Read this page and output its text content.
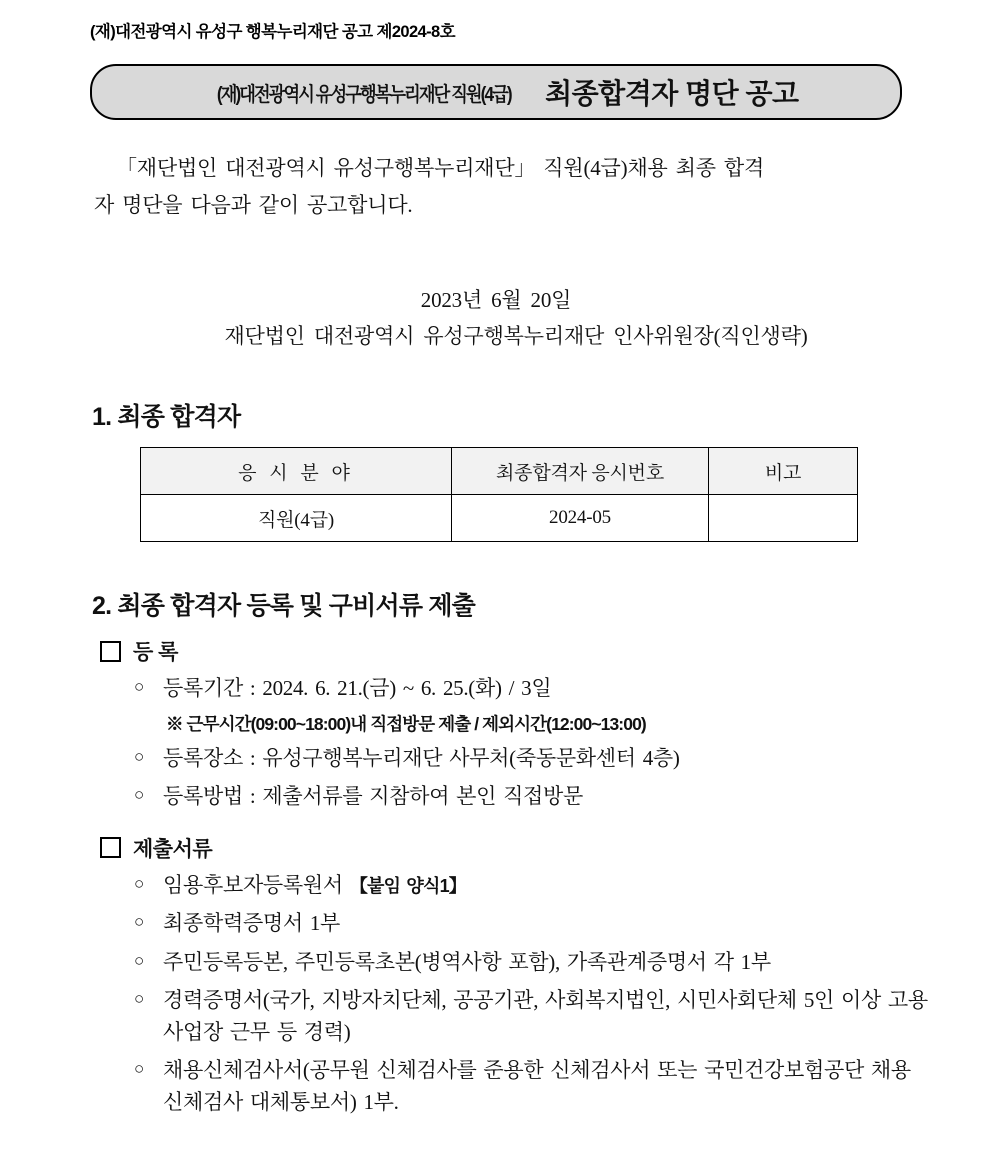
(재)대전광역시 유성구 행복누리재단 공고 제2024-8호
(재)대전광역시 유성구행복누리재단 직원(4급) 최종합격자 명단 공고
「재단법인 대전광역시 유성구행복누리재단」 직원(4급)채용 최종 합격
자 명단을 다음과 같이 공고합니다.
2023년 6월 20일
재단법인 대전광역시 유성구행복누리재단 인사위원장(직인생략)
1. 최종 합격자
응 시 분 야	최종합격자 응시번호	비고
직원(4급)	2024-05	
2. 최종 합격자 등록 및 구비서류 제출
등 록
○ 등록기간 : 2024. 6. 21.(금) ~ 6. 25.(화) / 3일
※ 근무시간(09:00~18:00)내 직접방문 제출 / 제외시간(12:00~13:00)
○ 등록장소 : 유성구행복누리재단 사무처(죽동문화센터 4층)
○ 등록방법 : 제출서류를 지참하여 본인 직접방문
제출서류
○ 임용후보자등록원서 【붙임 양식1】
○ 최종학력증명서 1부
○ 주민등록등본, 주민등록초본(병역사항 포함), 가족관계증명서 각 1부
○ 경력증명서(국가, 지방자치단체, 공공기관, 사회복지법인, 시민사회단체 5인 이상 고용 사업장 근무 등 경력)
○ 채용신체검사서(공무원 신체검사를 준용한 신체검사서 또는 국민건강보험공단 채용 신체검사 대체통보서) 1부.
